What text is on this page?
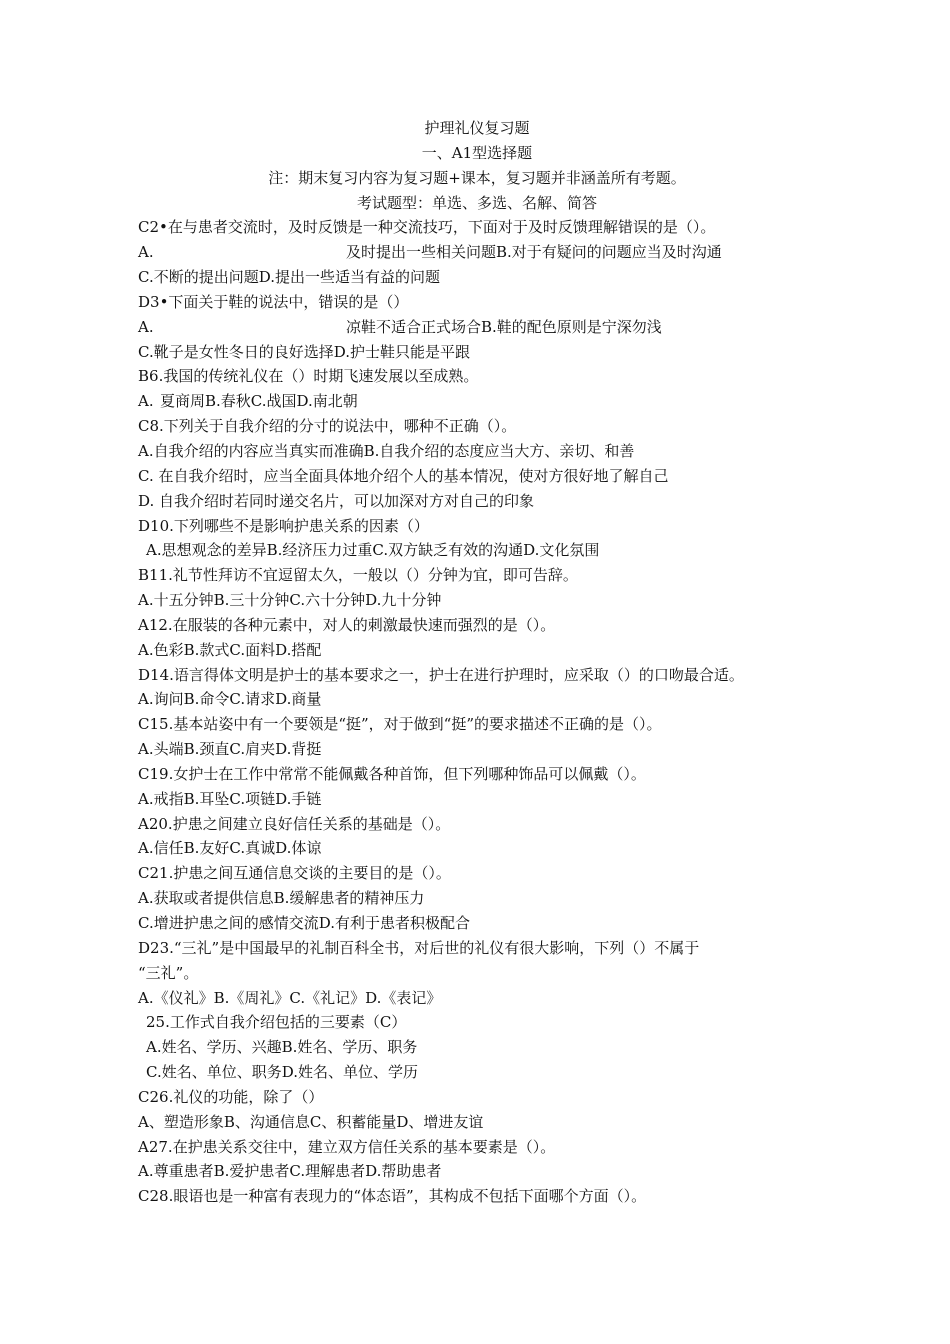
护理礼仪复习题
一、A1型选择题
注：期末复习内容为复习题+课本，复习题并非涵盖所有考题。
考试题型：单选、多选、名解、简答
C2•在与患者交流时，及时反馈是一种交流技巧，下面对于及时反馈理解错误的是（）。
A.	及时提出一些相关问题B.对于有疑问的问题应当及时沟通
C.不断的提出问题D.提出一些适当有益的问题
D3•下面关于鞋的说法中，错误的是（）
A.	凉鞋不适合正式场合B.鞋的配色原则是宁深勿浅
C.靴子是女性冬日的良好选择D.护士鞋只能是平跟
B6.我国的传统礼仪在（）时期飞速发展以至成熟。
A. 夏商周B.春秋C.战国D.南北朝
C8.下列关于自我介绍的分寸的说法中，哪种不正确（）。
A.自我介绍的内容应当真实而准确B.自我介绍的态度应当大方、亲切、和善
C. 在自我介绍时，应当全面具体地介绍个人的基本情况，使对方很好地了解自己
D. 自我介绍时若同时递交名片，可以加深对方对自己的印象
D10.下列哪些不是影响护患关系的因素（）
A.思想观念的差异B.经济压力过重C.双方缺乏有效的沟通D.文化氛围
B11.礼节性拜访不宜逗留太久，一般以（）分钟为宜，即可告辞。
A.十五分钟B.三十分钟C.六十分钟D.九十分钟
A12.在服装的各种元素中，对人的刺激最快速而强烈的是（）。
A.色彩B.款式C.面料D.搭配
D14.语言得体文明是护士的基本要求之一，护士在进行护理时，应采取（）的口吻最合适。
A.询问B.命令C.请求D.商量
C15.基本站姿中有一个要领是“挺”，对于做到“挺”的要求描述不正确的是（）。
A.头端B.颈直C.肩夹D.背挺
C19.女护士在工作中常常不能佩戴各种首饰，但下列哪种饰品可以佩戴（）。
A.戒指B.耳坠C.项链D.手链
A20.护患之间建立良好信任关系的基础是（）。
A.信任B.友好C.真诚D.体谅
C21.护患之间互通信息交谈的主要目的是（）。
A.获取或者提供信息B.缓解患者的精神压力
C.增进护患之间的感情交流D.有利于患者积极配合
D23.“三礼”是中国最早的礼制百科全书，对后世的礼仪有很大影响，下列（）不属于
“三礼”。
A.《仪礼》B.《周礼》C.《礼记》D.《表记》
25.工作式自我介绍包括的三要素（C）
A.姓名、学历、兴趣B.姓名、学历、职务
C.姓名、单位、职务D.姓名、单位、学历
C26.礼仪的功能，除了（）
A、塑造形象B、沟通信息C、积蓄能量D、增进友谊
A27.在护患关系交往中，建立双方信任关系的基本要素是（）。
A.尊重患者B.爱护患者C.理解患者D.帮助患者
C28.眼语也是一种富有表现力的“体态语”，其构成不包括下面哪个方面（）。
